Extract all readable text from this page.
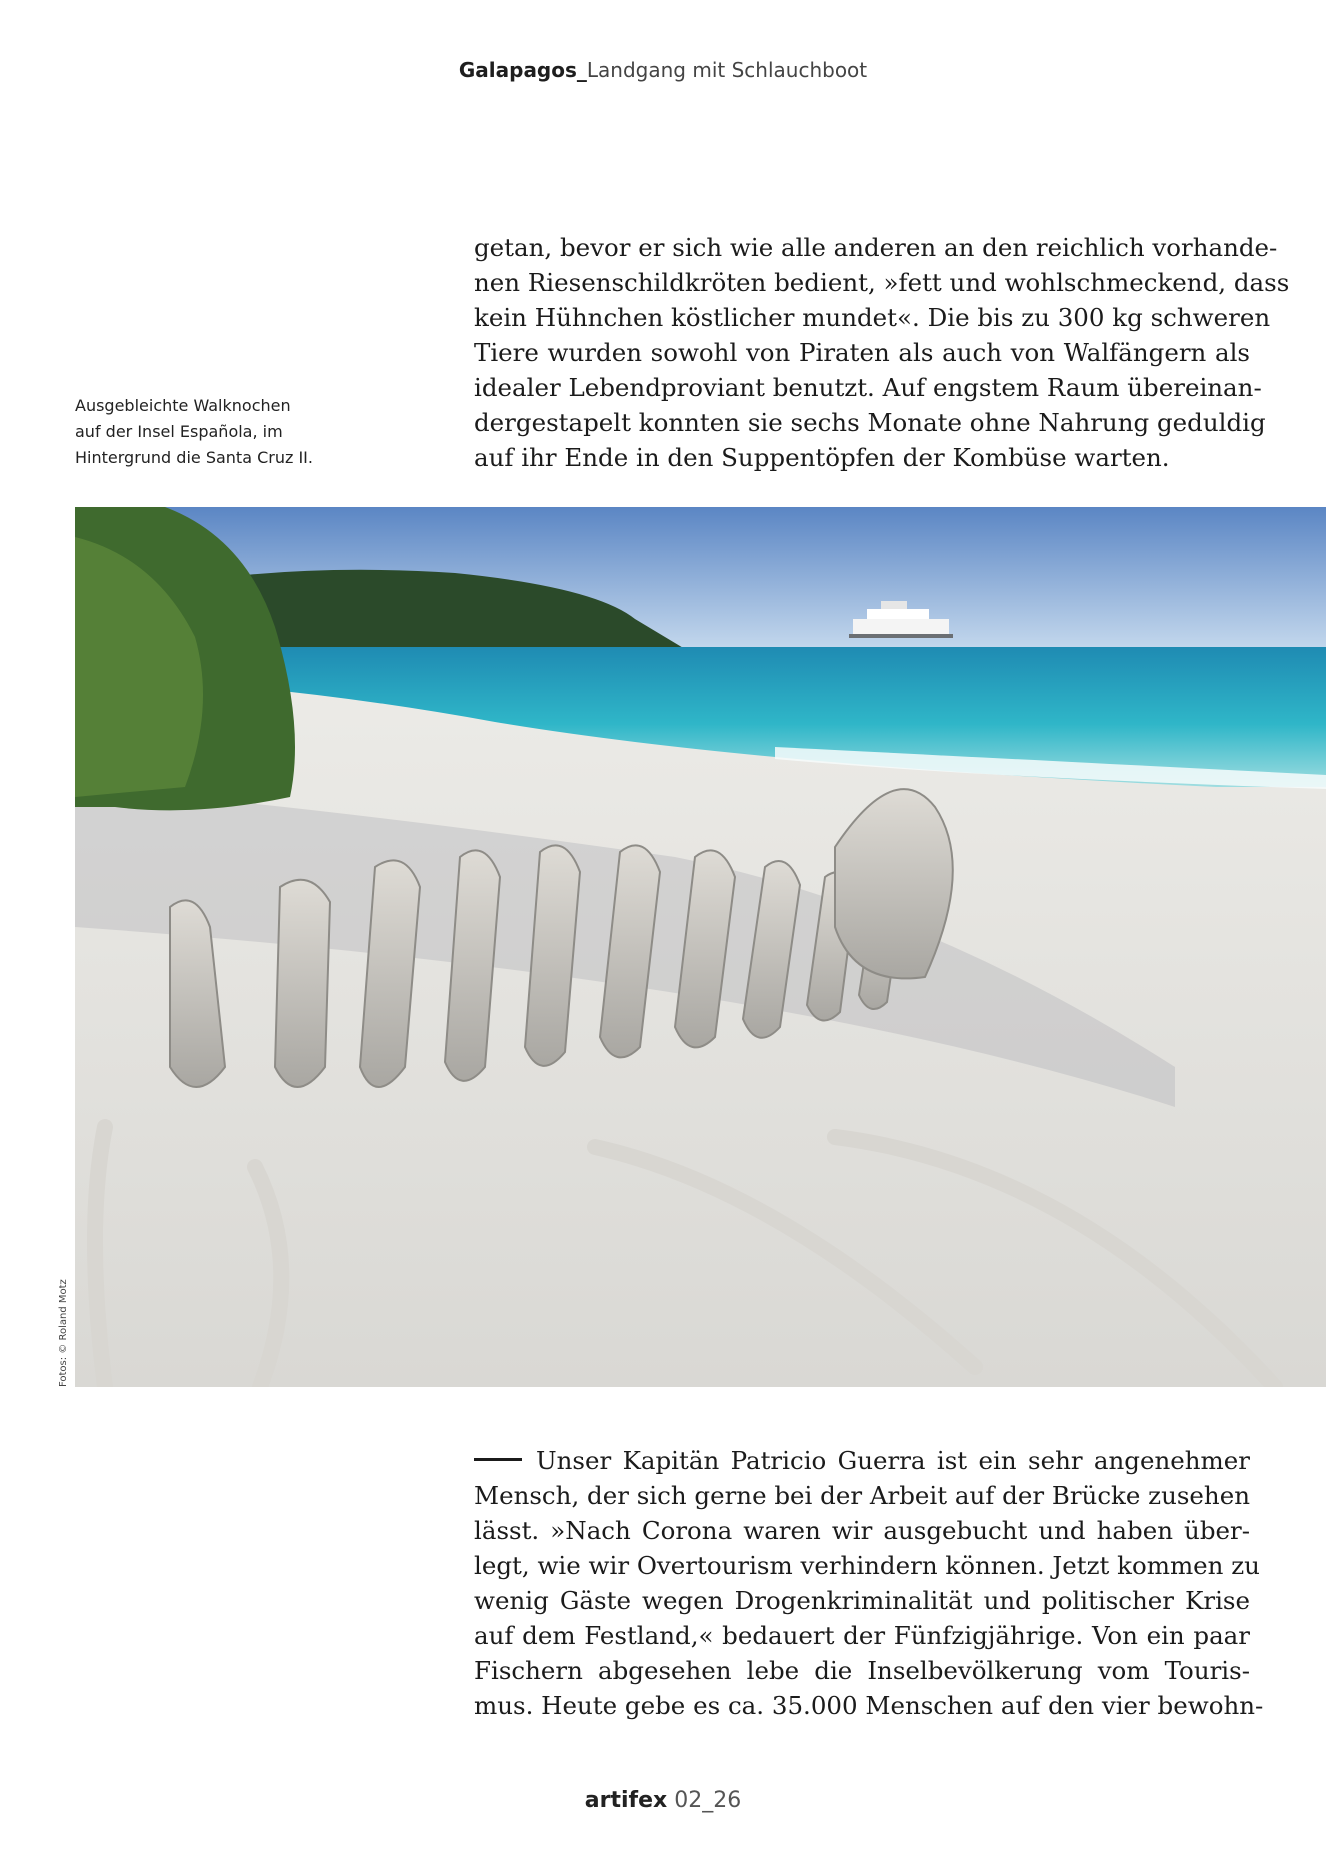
Galapagos_Landgang mit Schlauchboot
Ausgebleichte Walknochen
auf der Insel Española, im
Hintergrund die Santa Cruz II.
getan, bevor er sich wie alle anderen an den reichlich vorhande-
nen Riesenschildkröten bedient, »fett und wohlschmeckend, dass
kein Hühnchen köstlicher mundet«. Die bis zu 300 kg schweren
Tiere wurden sowohl von Piraten als auch von Walfängern als
idealer Lebendproviant benutzt. Auf engstem Raum übereinan-
dergestapelt konnten sie sechs Monate ohne Nahrung geduldig
auf ihr Ende in den Suppentöpfen der Kombüse warten.
Fotos: © Roland Motz
Unser Kapitän Patricio Guerra ist ein sehr angenehmer
Mensch, der sich gerne bei der Arbeit auf der Brücke zusehen
lässt. »Nach Corona waren wir ausgebucht und haben über-
legt, wie wir Overtourism verhindern können. Jetzt kommen zu
wenig Gäste wegen Drogenkriminalität und politischer Krise
auf dem Festland,« bedauert der Fünfzigjährige. Von ein paar
Fischern abgesehen lebe die Inselbevölkerung vom Touris-
mus. Heute gebe es ca. 35.000 Menschen auf den vier bewohn-
artifex 02_26
